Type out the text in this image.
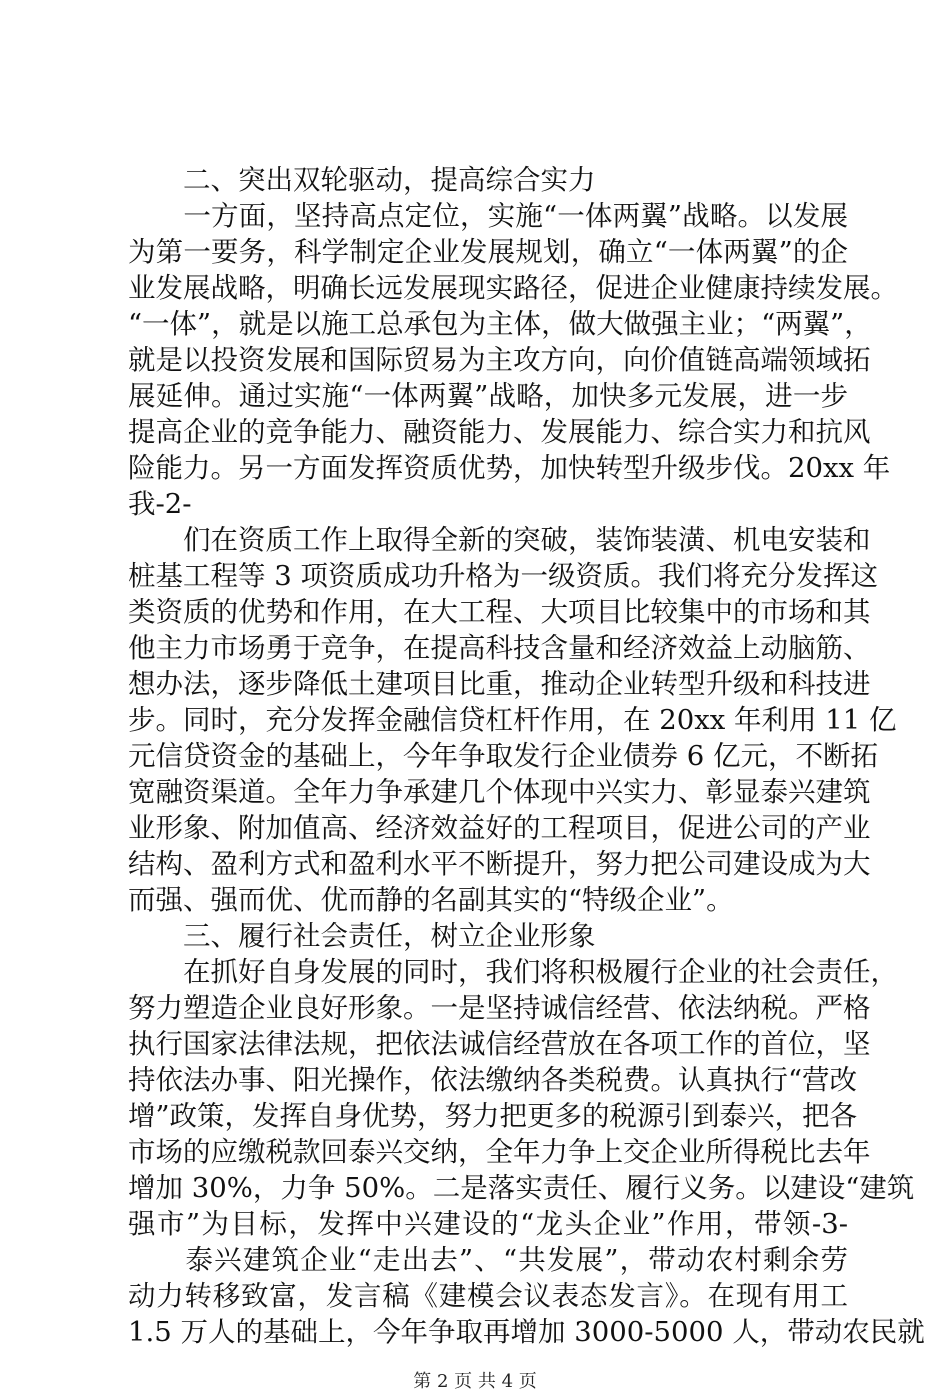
　　二、突出双轮驱动，提高综合实力
　　一方面，坚持高点定位，实施“一体两翼”战略。以发展
为第一要务，科学制定企业发展规划，确立“一体两翼”的企
业发展战略，明确长远发展现实路径，促进企业健康持续发展。
“一体”，就是以施工总承包为主体，做大做强主业；“两翼”，
就是以投资发展和国际贸易为主攻方向，向价值链高端领域拓
展延伸。通过实施“一体两翼”战略，加快多元发展，进一步
提高企业的竞争能力、融资能力、发展能力、综合实力和抗风
险能力。另一方面发挥资质优势，加快转型升级步伐。20xx 年
我-2-
　　们在资质工作上取得全新的突破，装饰装潢、机电安装和
桩基工程等 3 项资质成功升格为一级资质。我们将充分发挥这
类资质的优势和作用，在大工程、大项目比较集中的市场和其
他主力市场勇于竞争，在提高科技含量和经济效益上动脑筋、
想办法，逐步降低土建项目比重，推动企业转型升级和科技进
步。同时，充分发挥金融信贷杠杆作用，在 20xx 年利用 11 亿
元信贷资金的基础上，今年争取发行企业债券 6 亿元，不断拓
宽融资渠道。全年力争承建几个体现中兴实力、彰显泰兴建筑
业形象、附加值高、经济效益好的工程项目，促进公司的产业
结构、盈利方式和盈利水平不断提升，努力把公司建设成为大
而强、强而优、优而静的名副其实的“特级企业”。
　　三、履行社会责任，树立企业形象
　　在抓好自身发展的同时，我们将积极履行企业的社会责任，
努力塑造企业良好形象。一是坚持诚信经营、依法纳税。严格
执行国家法律法规，把依法诚信经营放在各项工作的首位，坚
持依法办事、阳光操作，依法缴纳各类税费。认真执行“营改
增”政策，发挥自身优势，努力把更多的税源引到泰兴，把各
市场的应缴税款回泰兴交纳，全年力争上交企业所得税比去年
增加 30%，力争 50%。二是落实责任、履行义务。以建设“建筑
强市”为目标，发挥中兴建设的“龙头企业”作用，带领-3-
　　泰兴建筑企业“走出去”、“共发展”，带动农村剩余劳
动力转移致富，发言稿《建模会议表态发言》。在现有用工
1.5 万人的基础上，今年争取再增加 3000-5000 人，带动农民就
第 2 页 共 4 页
